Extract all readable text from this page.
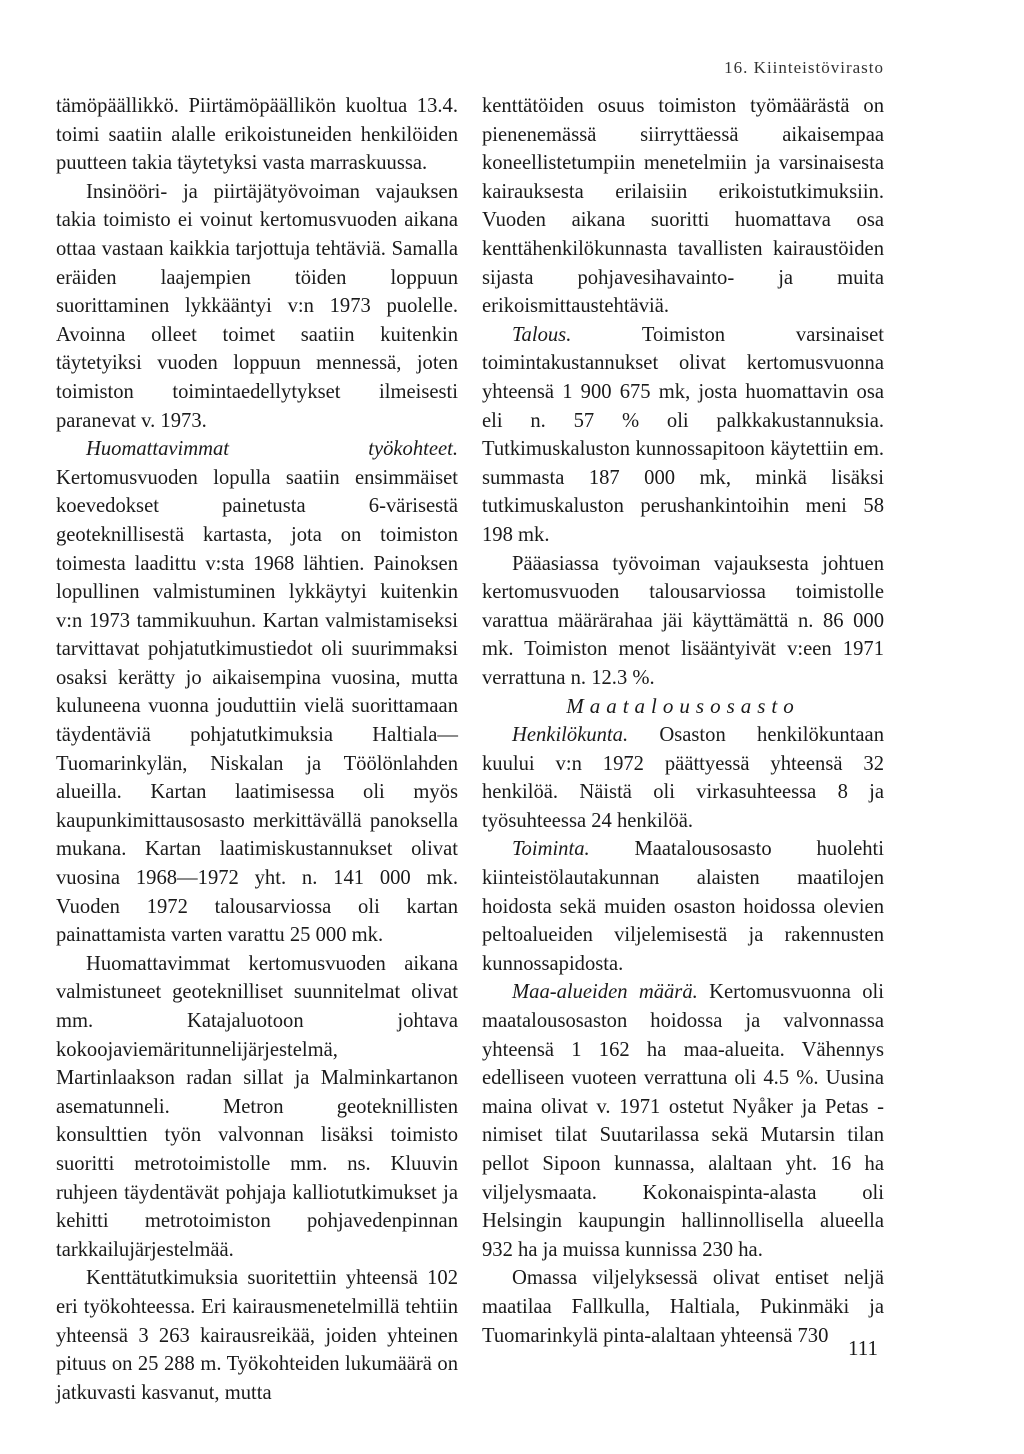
16. Kiinteistövirasto

tämöpäällikkö. Piirtämöpäällikön kuoltua 13.4. toimi saatiin alalle erikoistuneiden henkilöiden puutteen takia täytetyksi vasta marraskuussa.

Insinööri- ja piirtäjätyövoiman vajauksen takia toimisto ei voinut kertomusvuoden aikana ottaa vastaan kaikkia tarjottuja tehtäviä. Samalla eräiden laajempien töiden loppuun suorittaminen lykkääntyi v:n 1973 puolelle. Avoinna olleet toimet saatiin kuitenkin täytetyiksi vuoden loppuun mennessä, joten toimiston toimintaedellytykset ilmeisesti paranevat v. 1973.

Huomattavimmat työkohteet. Kertomusvuoden lopulla saatiin ensimmäiset koevedokset painetusta 6-värisestä geoteknillisestä kartasta, jota on toimiston toimesta laadittu v:sta 1968 lähtien. Painoksen lopullinen valmistuminen lykkäytyi kuitenkin v:n 1973 tammikuuhun. Kartan valmistamiseksi tarvittavat pohjatutkimustiedot oli suurimmaksi osaksi kerätty jo aikaisempina vuosina, mutta kuluneena vuonna jouduttiin vielä suorittamaan täydentäviä pohjatutkimuksia Haltiala—Tuomarinkylän, Niskalan ja Töölönlahden alueilla. Kartan laatimisessa oli myös kaupunkimittausosasto merkittävällä panoksella mukana. Kartan laatimiskustannukset olivat vuosina 1968—1972 yht. n. 141 000 mk. Vuoden 1972 talousarviossa oli kartan painattamista varten varattu 25 000 mk.

Huomattavimmat kertomusvuoden aikana valmistuneet geoteknilliset suunnitelmat olivat mm. Katajaluotoon johtava kokoojaviemäritunnelijärjestelmä, Martinlaakson radan sillat ja Malminkartanon asematunneli. Metron geoteknillisten konsulttien työn valvonnan lisäksi toimisto suoritti metrotoimistolle mm. ns. Kluuvin ruhjeen täydentävät pohjaja kalliotutkimukset ja kehitti metrotoimiston pohjavedenpinnan tarkkailujärjestelmää.

Kenttätutkimuksia suoritettiin yhteensä 102 eri työkohteessa. Eri kairausmenetelmillä tehtiin yhteensä 3 263 kairausreikää, joiden yhteinen pituus on 25 288 m. Työkohteiden lukumäärä on jatkuvasti kasvanut, mutta

kenttätöiden osuus toimiston työmäärästä on pienenemässä siirryttäessä aikaisempaa koneellistetumpiin menetelmiin ja varsinaisesta kairauksesta erilaisiin erikoistutkimuksiin. Vuoden aikana suoritti huomattava osa kenttähenkilökunnasta tavallisten kairaustöiden sijasta pohjavesihavainto- ja muita erikoismittaustehtäviä.

Talous. Toimiston varsinaiset toimintakustannukset olivat kertomusvuonna yhteensä 1 900 675 mk, josta huomattavin osa eli n. 57 % oli palkkakustannuksia. Tutkimuskaluston kunnossapitoon käytettiin em. summasta 187 000 mk, minkä lisäksi tutkimuskaluston perushankintoihin meni 58 198 mk.

Pääasiassa työvoiman vajauksesta johtuen kertomusvuoden talousarviossa toimistolle varattua määrärahaa jäi käyttämättä n. 86 000 mk. Toimiston menot lisääntyivät v:een 1971 verrattuna n. 12.3 %.

Maatalousosasto

Henkilökunta. Osaston henkilökuntaan kuului v:n 1972 päättyessä yhteensä 32 henkilöä. Näistä oli virkasuhteessa 8 ja työsuhteessa 24 henkilöä.

Toiminta. Maatalousosasto huolehti kiinteistölautakunnan alaisten maatilojen hoidosta sekä muiden osaston hoidossa olevien peltoalueiden viljelemisestä ja rakennusten kunnossapidosta.

Maa-alueiden määrä. Kertomusvuonna oli maatalousosaston hoidossa ja valvonnassa yhteensä 1 162 ha maa-alueita. Vähennys edelliseen vuoteen verrattuna oli 4.5 %. Uusina maina olivat v. 1971 ostetut Nyåker ja Petas -nimiset tilat Suutarilassa sekä Mutarsin tilan pellot Sipoon kunnassa, alaltaan yht. 16 ha viljelysmaata. Kokonaispinta-alasta oli Helsingin kaupungin hallinnollisella alueella 932 ha ja muissa kunnissa 230 ha.

Omassa viljelyksessä olivat entiset neljä maatilaa Fallkulla, Haltiala, Pukinmäki ja Tuomarinkylä pinta-alaltaan yhteensä 730

111
